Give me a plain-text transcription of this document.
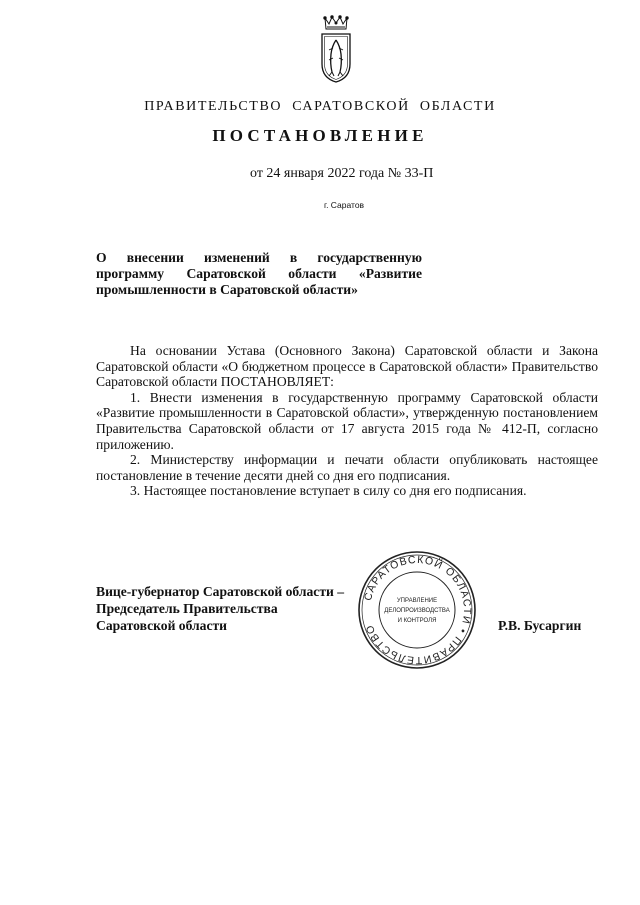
ПРАВИТЕЛЬСТВО САРАТОВСКОЙ ОБЛАСТИ
ПОСТАНОВЛЕНИЕ
от 24 января 2022 года № 33-П
г. Саратов
О внесении изменений в государственную программу Саратовской области «Развитие промышленности в Саратовской области»

На основании Устава (Основного Закона) Саратовской области и Закона Саратовской области «О бюджетном процессе в Саратовской области» Правительство Саратовской области ПОСТАНОВЛЯЕТ:

1. Внести изменения в государственную программу Саратовской области «Развитие промышленности в Саратовской области», утвержденную постановлением Правительства Саратовской области от 17 августа 2015 года № 412-П, согласно приложению.

2. Министерству информации и печати области опубликовать настоящее постановление в течение десяти дней со дня его подписания.

3. Настоящее постановление вступает в силу со дня его подписания.

САРАТОВСКОЙ ОБЛАСТИ • ПРАВИТЕЛЬСТВО
УПРАВЛЕНИЕ
ДЕЛОПРОИЗВОДСТВА
И КОНТРОЛЯ
Вице-губернатор Саратовской области –
Председатель Правительства
Саратовской области	Р.В. Бусаргин
